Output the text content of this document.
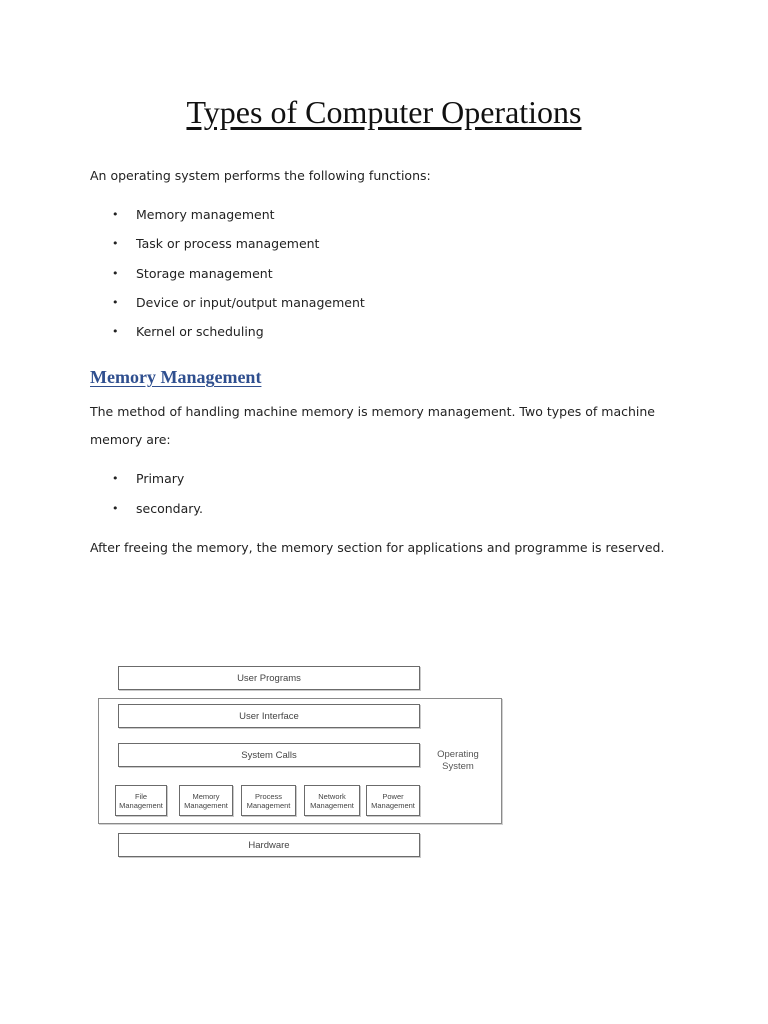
Types of Computer Operations

An operating system performs the following functions:

• Memory management
• Task or process management
• Storage management
• Device or input/output management
• Kernel or scheduling
Memory Management

The method of handling machine memory is memory management. Two types of machine

memory are:

• Primary
• secondary.

After freeing the memory, the memory section for applications and programme is reserved.

User Programs
User Interface
System Calls	Operating
System
File
Management
Memory
Management
Process
Management
Network
Management
Power
Management
Hardware
